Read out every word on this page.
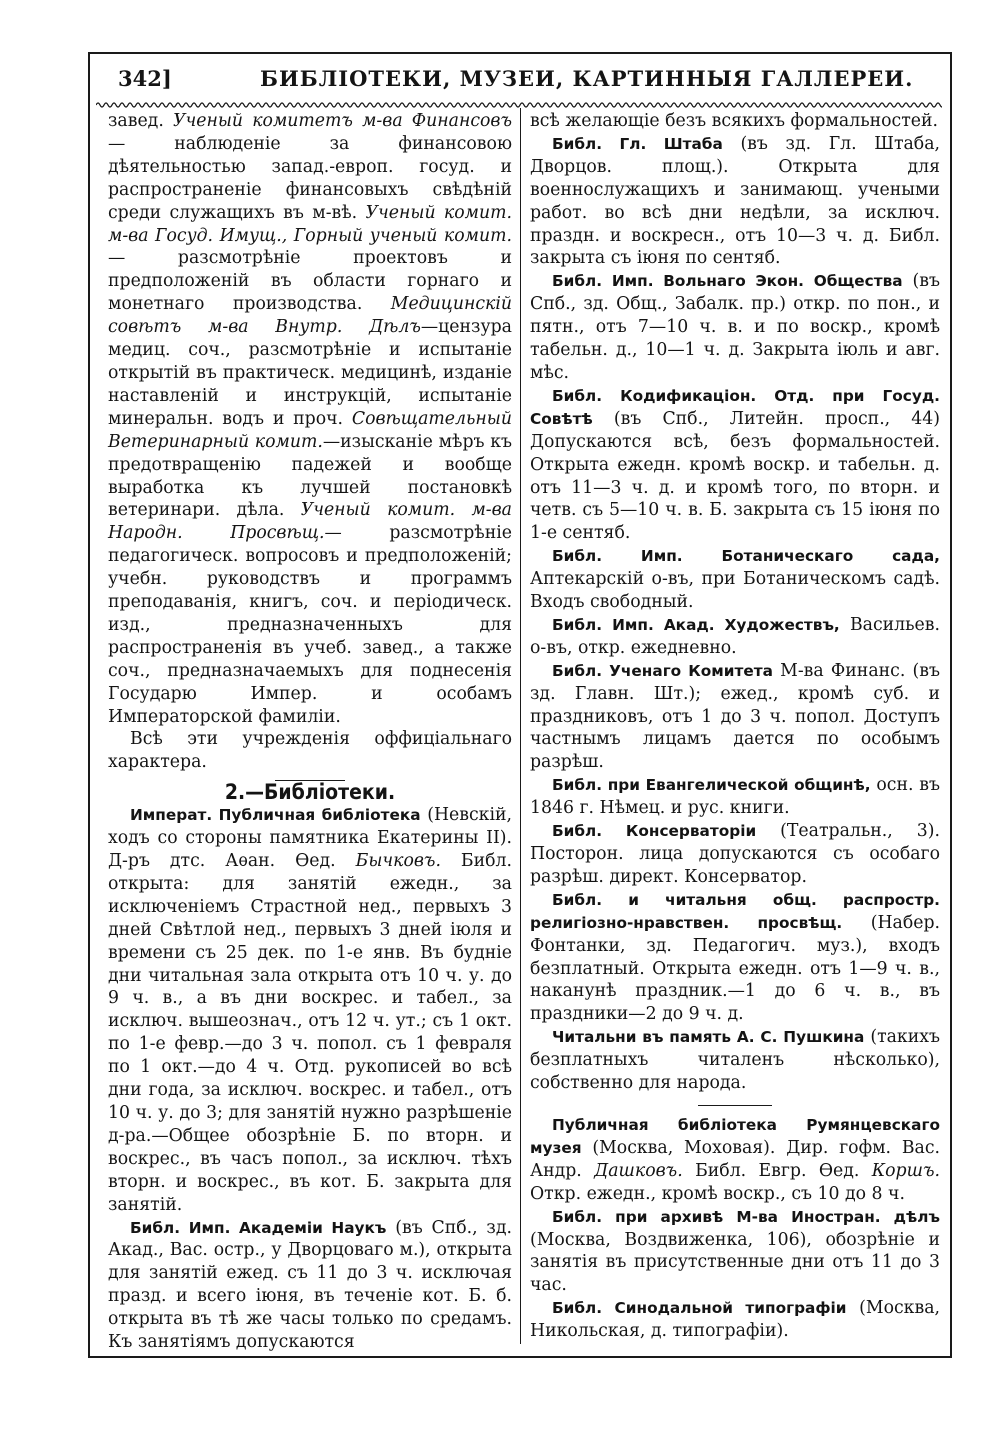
342]	БИБЛІОТЕКИ, МУЗЕИ, КАРТИННЫЯ ГАЛЛЕРЕИ.

завед. Ученый комитетъ м-ва Финансовъ — наблюденіе за финансовою дѣятельностью запад.-европ. госуд. и распространеніе финансовыхъ свѣдѣній среди служащихъ въ м-вѣ. Ученый комит. м-ва Госуд. Имущ., Горный ученый комит. — разсмотрѣніе проектовъ и предположеній въ области горнаго и монетнаго производства. Медицинскій совѣтъ м-ва Внутр. Дѣлъ—цензура медиц. соч., разсмотрѣніе и испытаніе открытій въ практическ. медицинѣ, изданіе наставленій и инструкцій, испытаніе минеральн. водъ и проч. Совѣщательный Ветеринарный комит.—изысканіе мѣръ къ предотвращенію падежей и вообще выработка къ лучшей постановкѣ ветеринари. дѣла. Ученый комит. м-ва Народн. Просвѣщ.— разсмотрѣніе педагогическ. вопросовъ и предположеній; учебн. руководствъ и программъ преподаванія, книгъ, соч. и періодическ. изд., предназначенныхъ для распространенія въ учеб. завед., а также соч., предназначаемыхъ для поднесенія Государю Импер. и особамъ Императорской фамиліи.

Всѣ эти учрежденія оффиціальнаго характера.

2.—Библіотеки.

Императ. Публичная библіотека (Невскій, ходъ со стороны памятника Екатерины II). Д-ръ дтс. Аѳан. Ѳед. Бычковъ. Библ. открыта: для занятій ежедн., за исключеніемъ Страстной нед., первыхъ 3 дней Свѣтлой нед., первыхъ 3 дней іюля и времени съ 25 дек. по 1-е янв. Въ будніе дни читальная зала открыта отъ 10 ч. у. до 9 ч. в., а въ дни воскрес. и табел., за исключ. вышеознач., отъ 12 ч. ут.; съ 1 окт. по 1-е февр.—до 3 ч. попол. съ 1 февраля по 1 окт.—до 4 ч. Отд. рукописей во всѣ дни года, за исключ. воскрес. и табел., отъ 10 ч. у. до 3; для занятій нужно разрѣшеніе д-ра.—Общее обозрѣніе Б. по вторн. и воскрес., въ часъ попол., за исключ. тѣхъ вторн. и воскрес., въ кот. Б. закрыта для занятій.

Библ. Имп. Академіи Наукъ (въ Спб., зд. Акад., Вас. остр., у Дворцоваго м.), открыта для занятій ежед. съ 11 до 3 ч. исключая празд. и всего іюня, въ теченіе кот. Б. б. открыта въ тѣ же часы только по средамъ. Къ занятіямъ допускаются

всѣ желающіе безъ всякихъ формальностей.

Библ. Гл. Штаба (въ зд. Гл. Штаба, Дворцов. площ.). Открыта для военнослужащихъ и занимающ. учеными работ. во всѣ дни недѣли, за исключ. праздн. и воскресн., отъ 10—3 ч. д. Библ. закрыта съ іюня по сентяб.

Библ. Имп. Вольнаго Экон. Общества (въ Спб., зд. Общ., Забалк. пр.) откр. по пон., и пятн., отъ 7—10 ч. в. и по воскр., кромѣ табельн. д., 10—1 ч. д. Закрыта іюль и авг. мѣс.

Библ. Кодификаціон. Отд. при Госуд. Совѣтѣ (въ Спб., Литейн. просп., 44) Допускаются всѣ, безъ формальностей. Открыта ежедн. кромѣ воскр. и табельн. д. отъ 11—3 ч. д. и кромѣ того, по вторн. и четв. съ 5—10 ч. в. Б. закрыта съ 15 іюня по 1-е сентяб.

Библ. Имп. Ботаническаго сада, Аптекарскій о-въ, при Ботаническомъ садѣ. Входъ свободный.

Библ. Имп. Акад. Художествъ, Васильев. о-въ, откр. ежедневно.

Библ. Ученаго Комитета М-ва Финанс. (въ зд. Главн. Шт.); ежед., кромѣ суб. и праздниковъ, отъ 1 до 3 ч. попол. Доступъ частнымъ лицамъ дается по особымъ разрѣш.

Библ. при Евангелической общинѣ, осн. въ 1846 г. Нѣмец. и рус. книги.

Библ. Консерваторіи (Театральн., 3). Посторон. лица допускаются съ особаго разрѣш. директ. Консерватор.

Библ. и читальня общ. распростр. религіозно-нравствен. просвѣщ. (Набер. Фонтанки, зд. Педагогич. муз.), входъ безплатный. Открыта ежедн. отъ 1—9 ч. в., наканунѣ праздник.—1 до 6 ч. в., въ праздники—2 до 9 ч. д.

Читальни въ память А. С. Пушкина (такихъ безплатныхъ читаленъ нѣсколько), собственно для народа.

Публичная библіотека Румянцевскаго музея (Москва, Моховая). Дир. гофм. Вас. Андр. Дашковъ. Библ. Евгр. Ѳед. Коршъ. Откр. ежедн., кромѣ воскр., съ 10 до 8 ч.

Библ. при архивѣ М-ва Иностран. дѣлъ (Москва, Воздвиженка, 106), обозрѣніе и занятія въ присутственные дни отъ 11 до 3 час.

Библ. Синодальной типографіи (Москва, Никольская, д. типографіи).
